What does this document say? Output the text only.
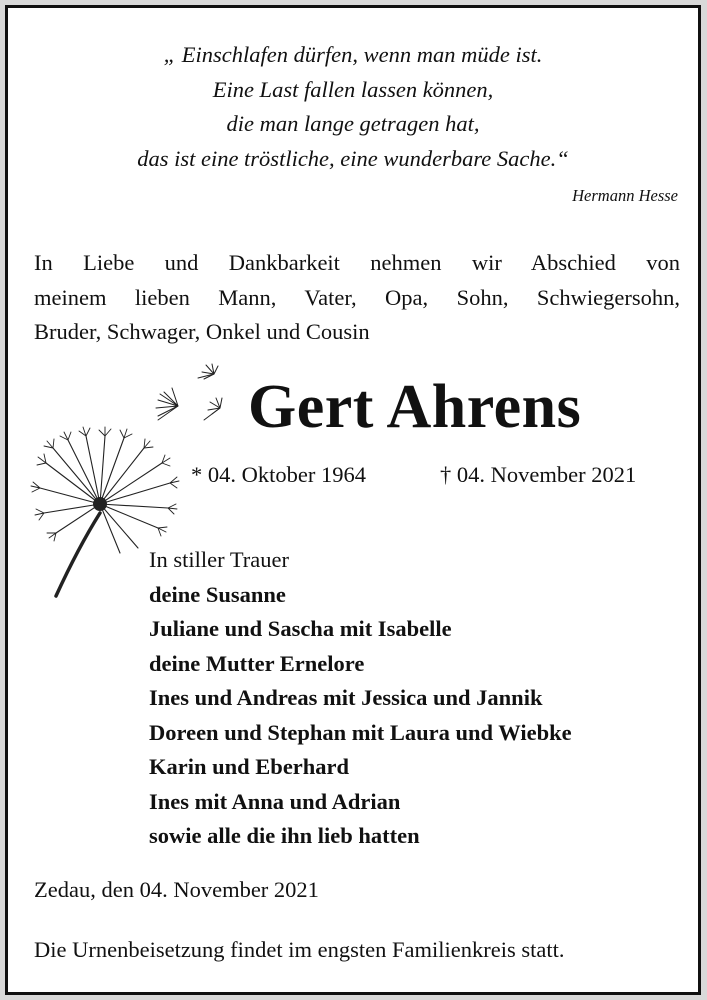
„ Einschlafen dürfen, wenn man müde ist.
Eine Last fallen lassen können,
die man lange getragen hat,
das ist eine tröstliche, eine wunderbare Sache.“
Hermann Hesse
In Liebe und Dankbarkeit nehmen wir Abschied von
meinem lieben Mann, Vater, Opa, Sohn, Schwiegersohn,
Bruder, Schwager, Onkel und Cousin
Gert Ahrens
* 04. Oktober 1964	† 04. November 2021
In stiller Trauer
deine Susanne
Juliane und Sascha mit Isabelle
deine Mutter Ernelore
Ines und Andreas mit Jessica und Jannik
Doreen und Stephan mit Laura und Wiebke
Karin und Eberhard
Ines mit Anna und Adrian
sowie alle die ihn lieb hatten
Zedau, den 04. November 2021
Die Urnenbeisetzung findet im engsten Familienkreis statt.
